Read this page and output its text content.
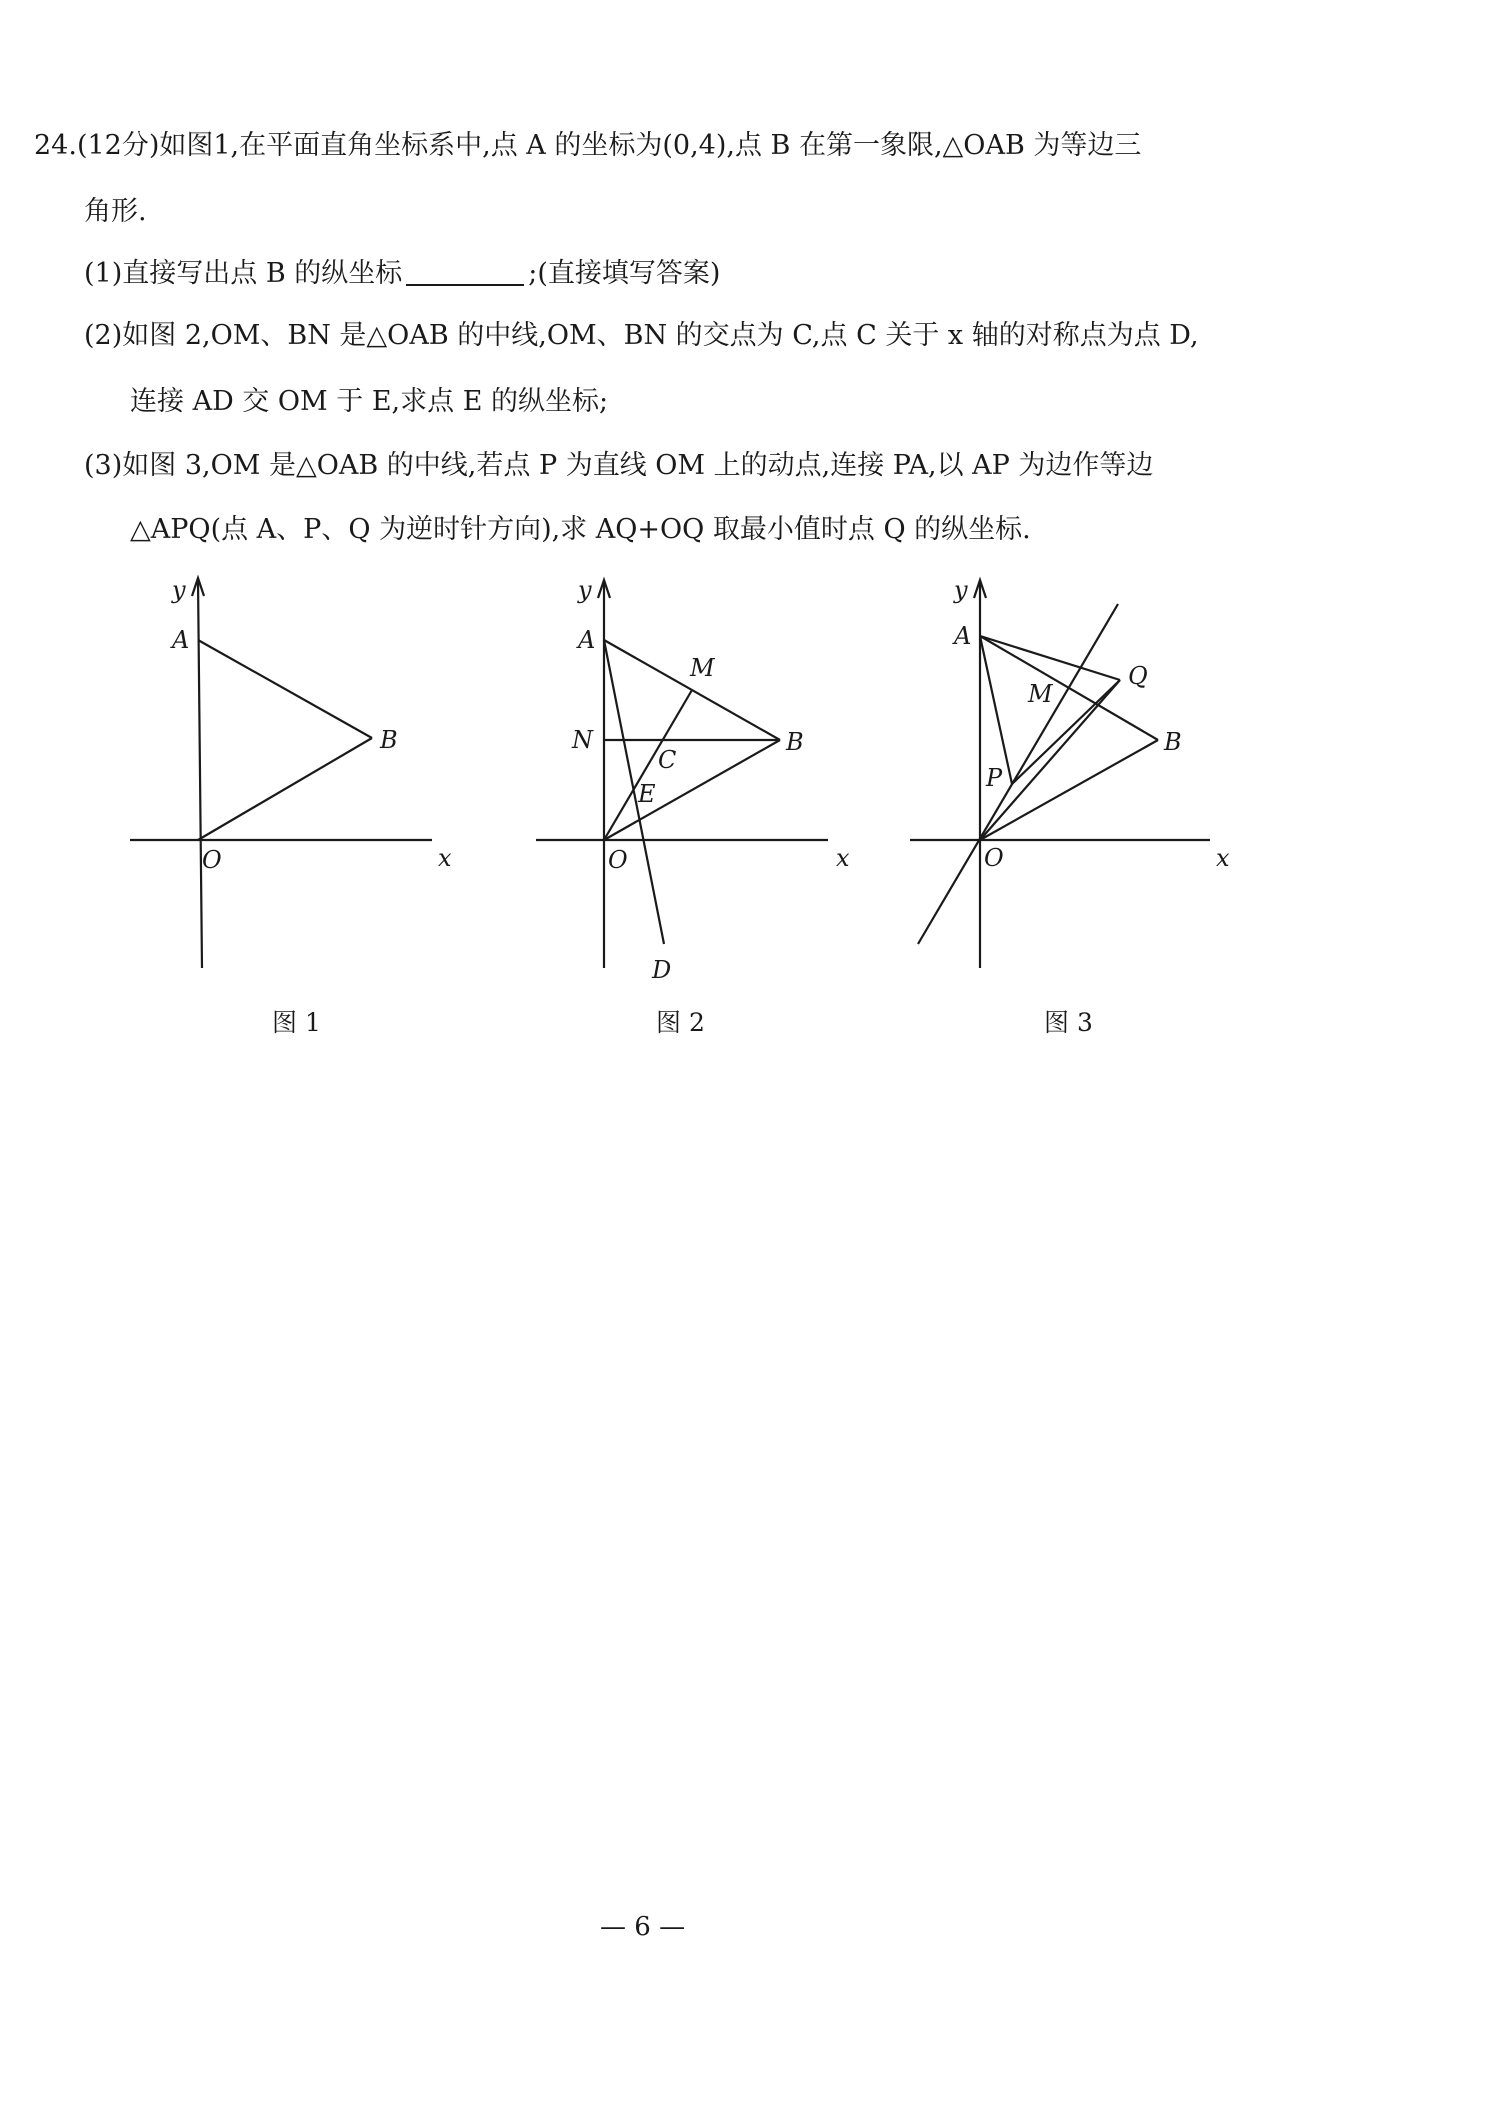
24.(12分)如图1,在平面直角坐标系中,点 A 的坐标为(0,4),点 B 在第一象限,△OAB 为等边三
角形.
(1)直接写出点 B 的纵坐标	;(直接填写答案)
(2)如图 2,OM、BN 是△OAB 的中线,OM、BN 的交点为 C,点 C 关于 x 轴的对称点为点 D,
连接 AD 交 OM 于 E,求点 E 的纵坐标;
(3)如图 3,OM 是△OAB 的中线,若点 P 为直线 OM 上的动点,连接 PA,以 AP 为边作等边
△APQ(点 A、P、Q 为逆时针方向),求 AQ+OQ 取最小值时点 Q 的纵坐标.
y
A
B
O	x
y
A
M
N	B
C
E
O	x
D
y
A
Q
M
B
P
O	x
图 1	图 2	图 3
— 6 —
